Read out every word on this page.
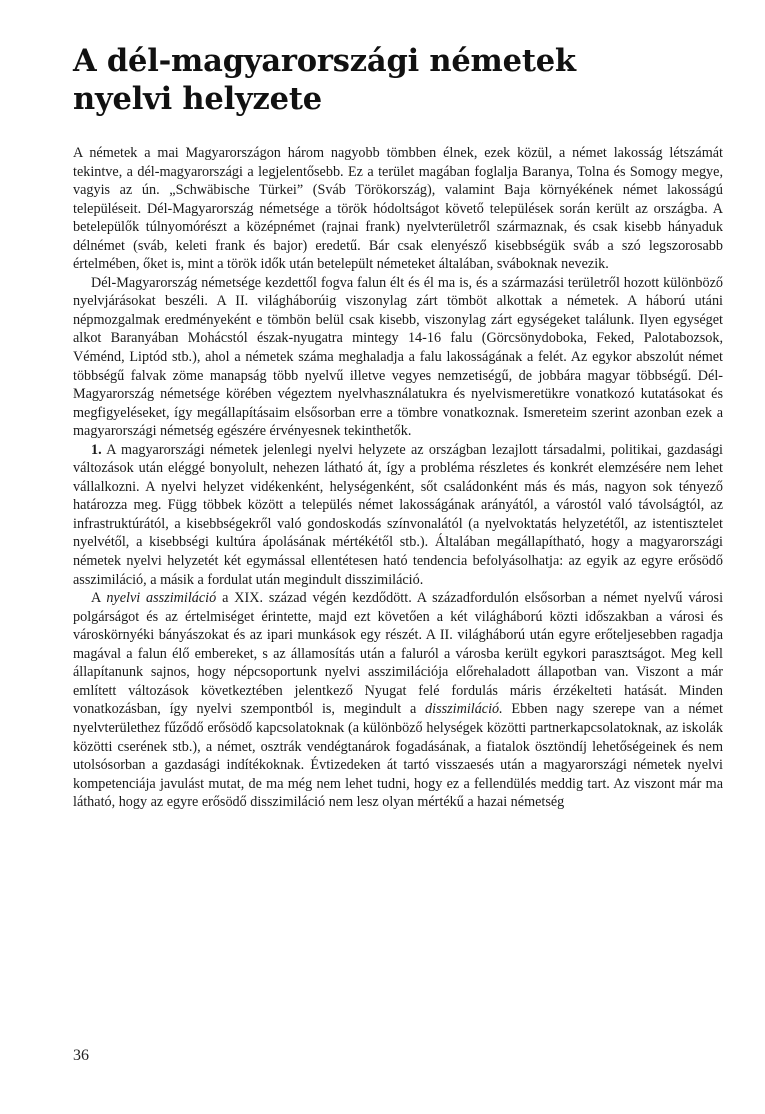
A dél-magyarországi németek
nyelvi helyzete

A németek a mai Magyarországon három nagyobb tömbben élnek, ezek közül, a német lakosság létszámát tekintve, a dél-magyarországi a legjelentősebb. Ez a terület magában foglalja Baranya, Tolna és Somogy megye, vagyis az ún. „Schwäbische Türkei” (Sváb Törökország), valamint Baja környékének német lakosságú településeit. Dél-Magyarország németsége a török hódoltságot követő települések során került az országba. A betelepülők túlnyomórészt a középnémet (rajnai frank) nyelvterületről származnak, és csak kisebb hányaduk délnémet (sváb, keleti frank és bajor) eredetű. Bár csak elenyésző kisebbségük sváb a szó legszorosabb értelmében, őket is, mint a török idők után betelepült németeket általában, sváboknak nevezik.

Dél-Magyarország németsége kezdettől fogva falun élt és él ma is, és a származási területről hozott különböző nyelvjárásokat beszéli. A II. világháborúig viszonylag zárt tömböt alkottak a németek. A háború utáni népmozgalmak eredményeként e tömbön belül csak kisebb, viszonylag zárt egységeket találunk. Ilyen egységet alkot Baranyában Mohácstól észak-nyugatra mintegy 14-16 falu (Görcsönydoboka, Feked, Palotabozsok, Véménd, Liptód stb.), ahol a németek száma meghaladja a falu lakosságának a felét. Az egykor abszolút német többségű falvak zöme manapság több nyelvű illetve vegyes nemzetiségű, de jobbára magyar többségű. Dél-Magyarország németsége körében végeztem nyelvhasználatukra és nyelvismeretükre vonatkozó kutatásokat és megfigyeléseket, így megállapításaim elsősorban erre a tömbre vonatkoznak. Ismereteim szerint azonban ezek a magyarországi németség egészére érvényesnek tekinthetők.

1. A magyarországi németek jelenlegi nyelvi helyzete az országban lezajlott társadalmi, politikai, gazdasági változások után eléggé bonyolult, nehezen látható át, így a probléma részletes és konkrét elemzésére nem lehet vállalkozni. A nyelvi helyzet vidékenként, helységenként, sőt családonként más és más, nagyon sok tényező határozza meg. Függ többek között a település német lakosságának arányától, a várostól való távolságtól, az infrastruktúrától, a kisebbségekről való gondoskodás színvonalától (a nyelvoktatás helyzetétől, az istentisztelet nyelvétől, a kisebbségi kultúra ápolásának mértékétől stb.). Általában megállapítható, hogy a magyarországi németek nyelvi helyzetét két egymással ellentétesen ható tendencia befolyásolhatja: az egyik az egyre erősödő asszimiláció, a másik a fordulat után megindult disszimiláció.

A nyelvi asszimiláció a XIX. század végén kezdődött. A századfordulón elsősorban a német nyelvű városi polgárságot és az értelmiséget érintette, majd ezt követően a két világháború közti időszakban a városi és városkörnyéki bányászokat és az ipari munkások egy részét. A II. világháború után egyre erőteljesebben ragadja magával a falun élő embereket, s az államosítás után a faluról a városba került egykori parasztságot. Meg kell állapítanunk sajnos, hogy népcsoportunk nyelvi asszimilációja előrehaladott állapotban van. Viszont a már említett változások következtében jelentkező Nyugat felé fordulás máris érzékelteti hatását. Minden vonatkozásban, így nyelvi szempontból is, megindult a disszimiláció. Ebben nagy szerepe van a német nyelvterülethez fűződő erősödő kapcsolatoknak (a különböző helységek közötti partnerkapcsolatoknak, az iskolák közötti cserének stb.), a német, osztrák vendégtanárok fogadásának, a fiatalok ösztöndíj lehetőségeinek és nem utolsósorban a gazdasági indítékoknak. Évtizedeken át tartó visszaesés után a magyarországi németek nyelvi kompetenciája javulást mutat, de ma még nem lehet tudni, hogy ez a fellendülés meddig tart. Az viszont már ma látható, hogy az egyre erősödő disszimiláció nem lesz olyan mértékű a hazai németség

36
